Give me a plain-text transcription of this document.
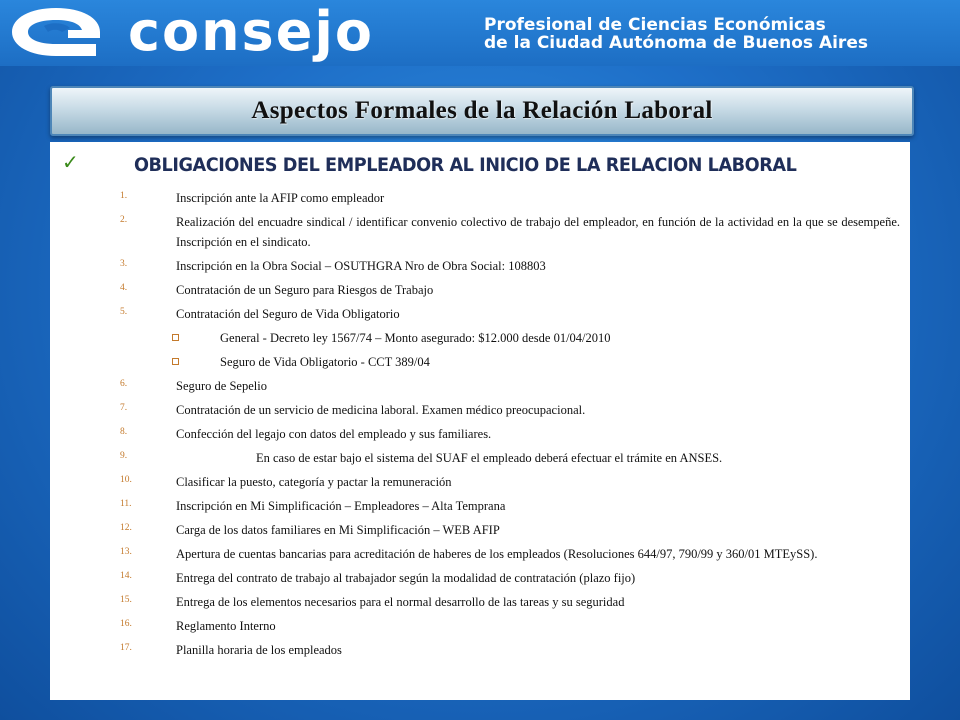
consejo	Profesional de Ciencias Económicas
de la Ciudad Autónoma de Buenos Aires
Aspectos Formales de la Relación Laboral
✓	OBLIGACIONES DEL EMPLEADOR AL INICIO DE LA RELACION LABORAL
1.	Inscripción ante la AFIP como empleador
2.	Realización del encuadre sindical / identificar convenio colectivo de trabajo del empleador, en función de la actividad en la que se desempeñe. Inscripción en el sindicato.
3.	Inscripción en la Obra Social – OSUTHGRA Nro de Obra Social: 108803
4.	Contratación de un Seguro para Riesgos de Trabajo
5.	Contratación del Seguro de Vida Obligatorio
General - Decreto ley 1567/74 – Monto asegurado: $12.000 desde 01/04/2010
Seguro de Vida Obligatorio - CCT 389/04
6.	Seguro de Sepelio
7.	Contratación de un servicio de medicina laboral. Examen médico preocupacional.
8.	Confección del legajo con datos del empleado y sus familiares.
9.	En caso de estar bajo el sistema del SUAF el empleado deberá efectuar el trámite en ANSES.
10.	Clasificar la puesto, categoría y pactar la remuneración
11.	Inscripción en Mi Simplificación – Empleadores – Alta Temprana
12.	Carga de los datos familiares en Mi Simplificación – WEB AFIP
13.	Apertura de cuentas bancarias para acreditación de haberes de los empleados (Resoluciones 644/97, 790/99 y 360/01 MTEySS).
14.	Entrega del contrato de trabajo al trabajador según la modalidad de contratación (plazo fijo)
15.	Entrega de los elementos necesarios para el normal desarrollo de las tareas y su seguridad
16.	Reglamento Interno
17.	Planilla horaria de los empleados
